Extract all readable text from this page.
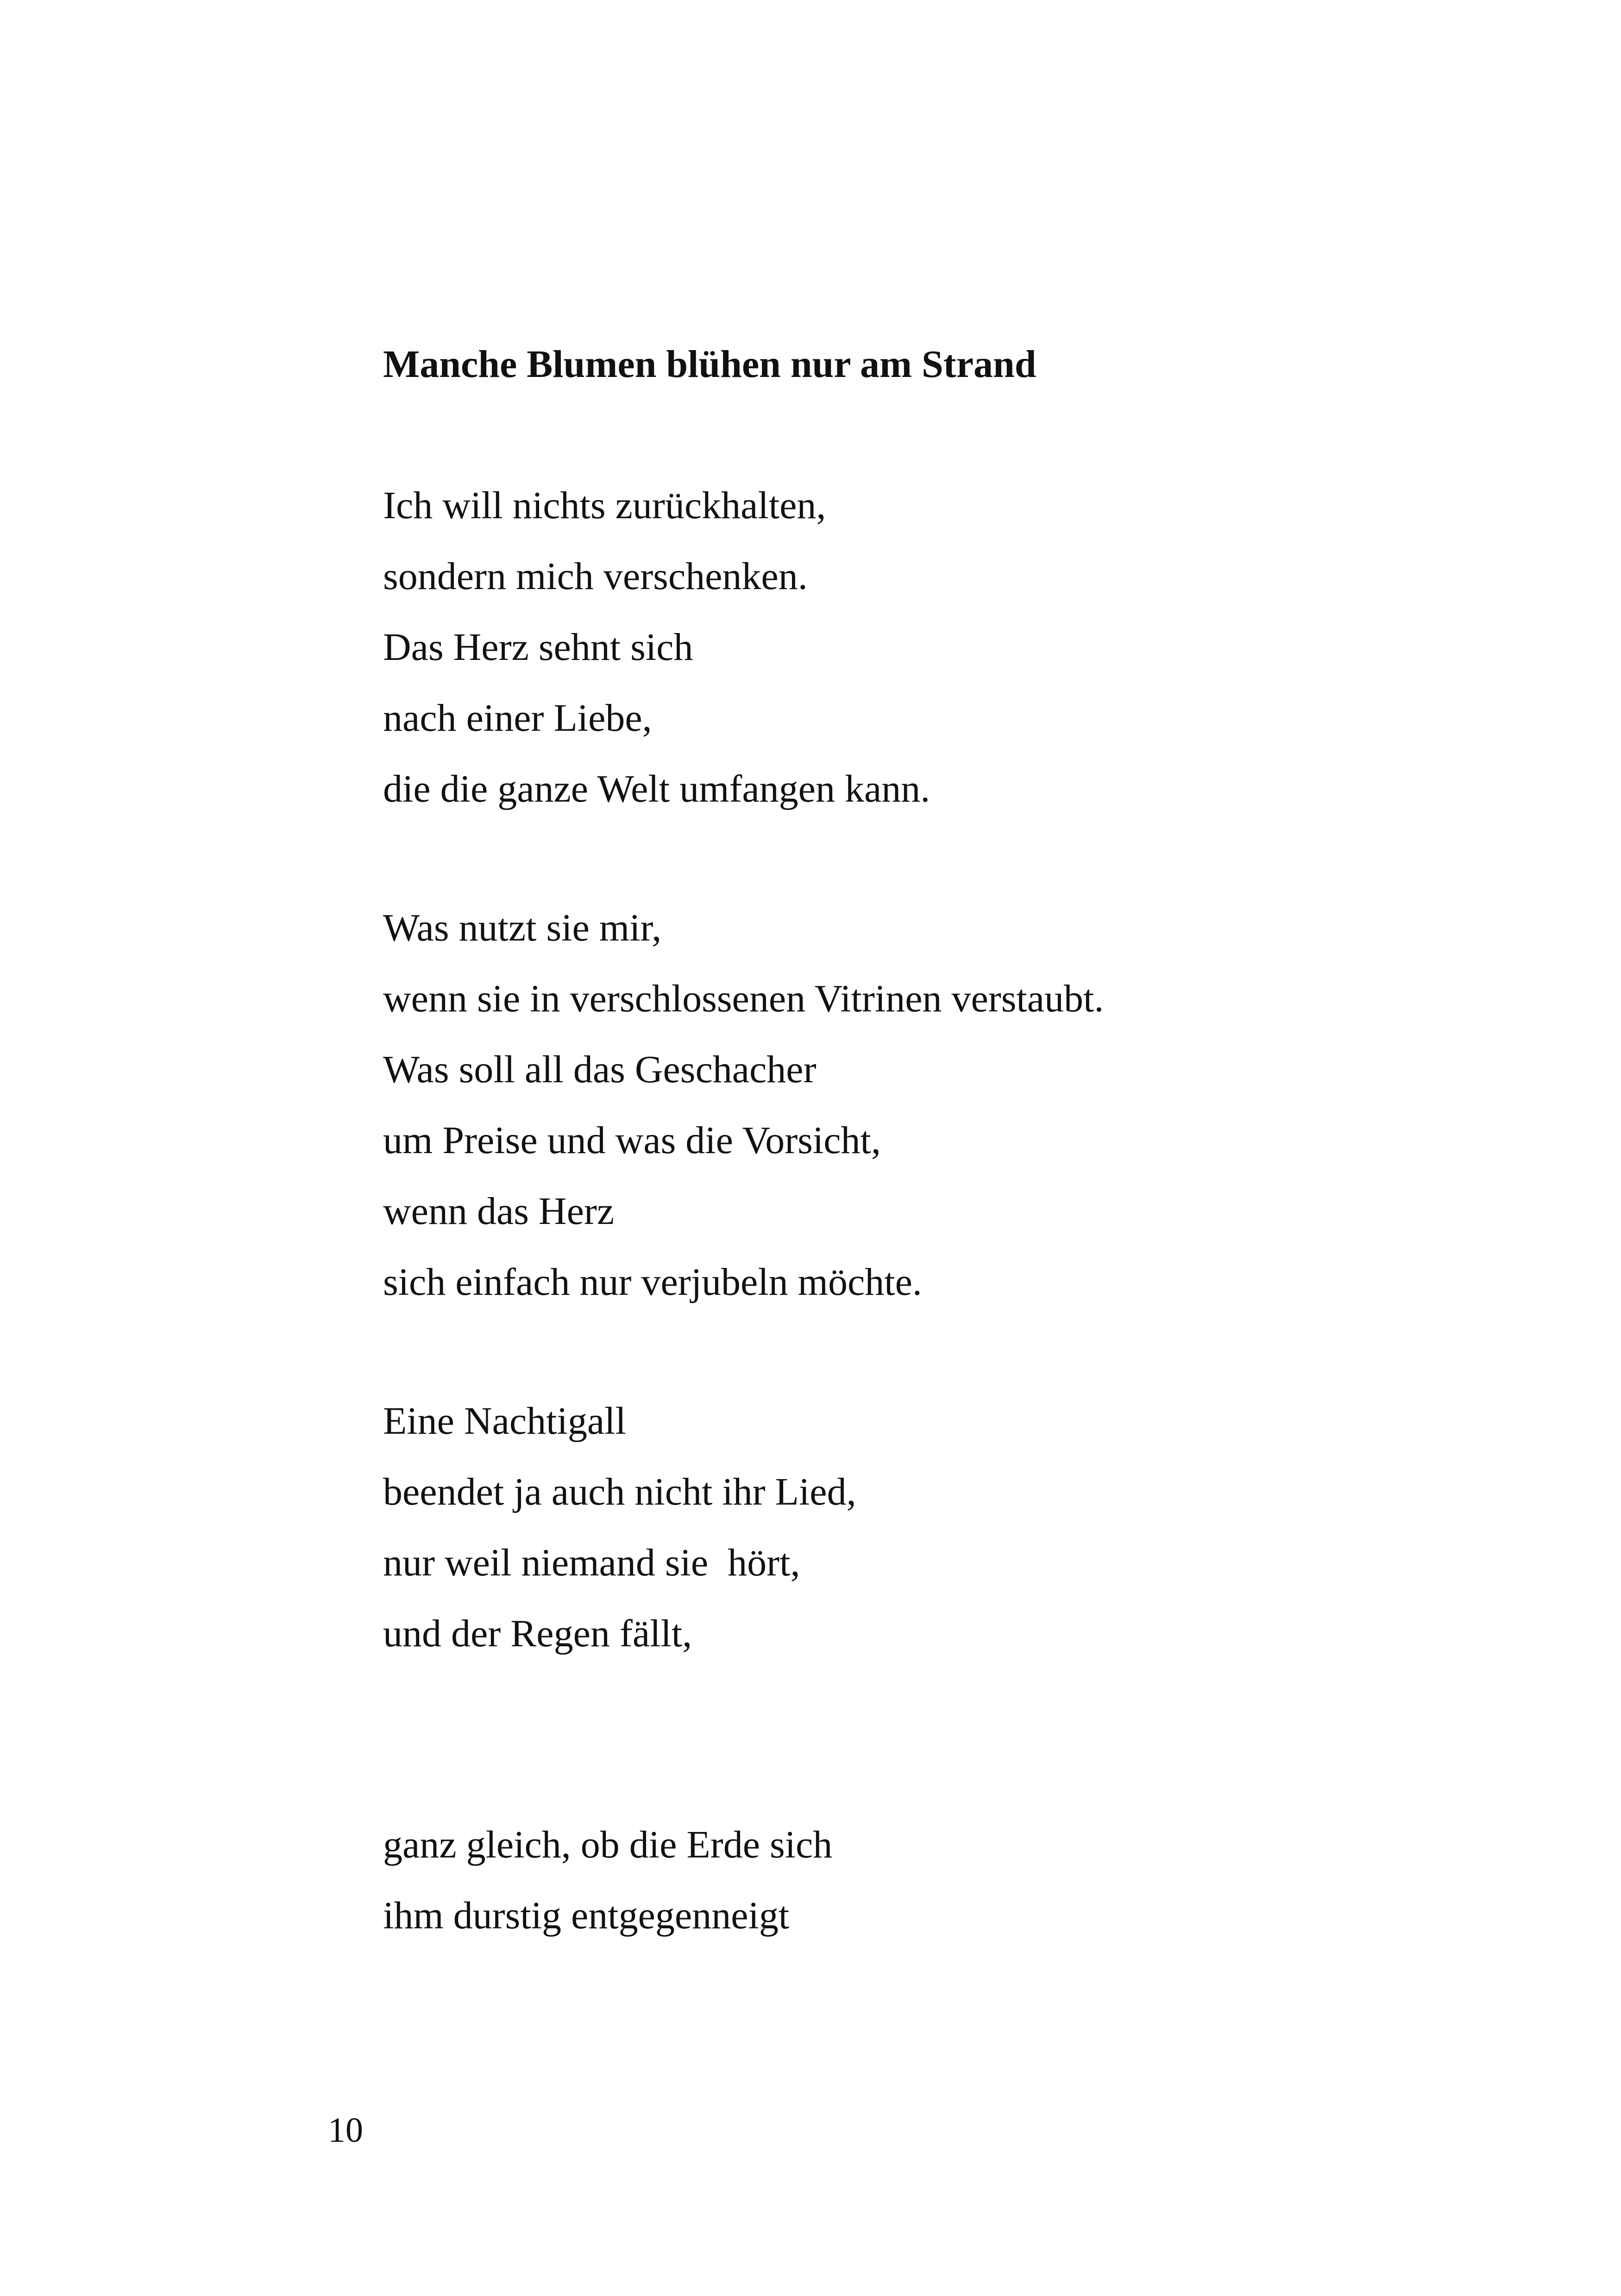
Manche Blumen blühen nur am Strand

Ich will nichts zurückhalten,

sondern mich verschenken.

Das Herz sehnt sich

nach einer Liebe,

die die ganze Welt umfangen kann.

Was nutzt sie mir,

wenn sie in verschlossenen Vitrinen verstaubt.

Was soll all das Geschacher

um Preise und was die Vorsicht,

wenn das Herz

sich einfach nur verjubeln möchte.

Eine Nachtigall

beendet ja auch nicht ihr Lied,

nur weil niemand sie  hört,

und der Regen fällt,

ganz gleich, ob die Erde sich

ihm durstig entgegenneigt

10
